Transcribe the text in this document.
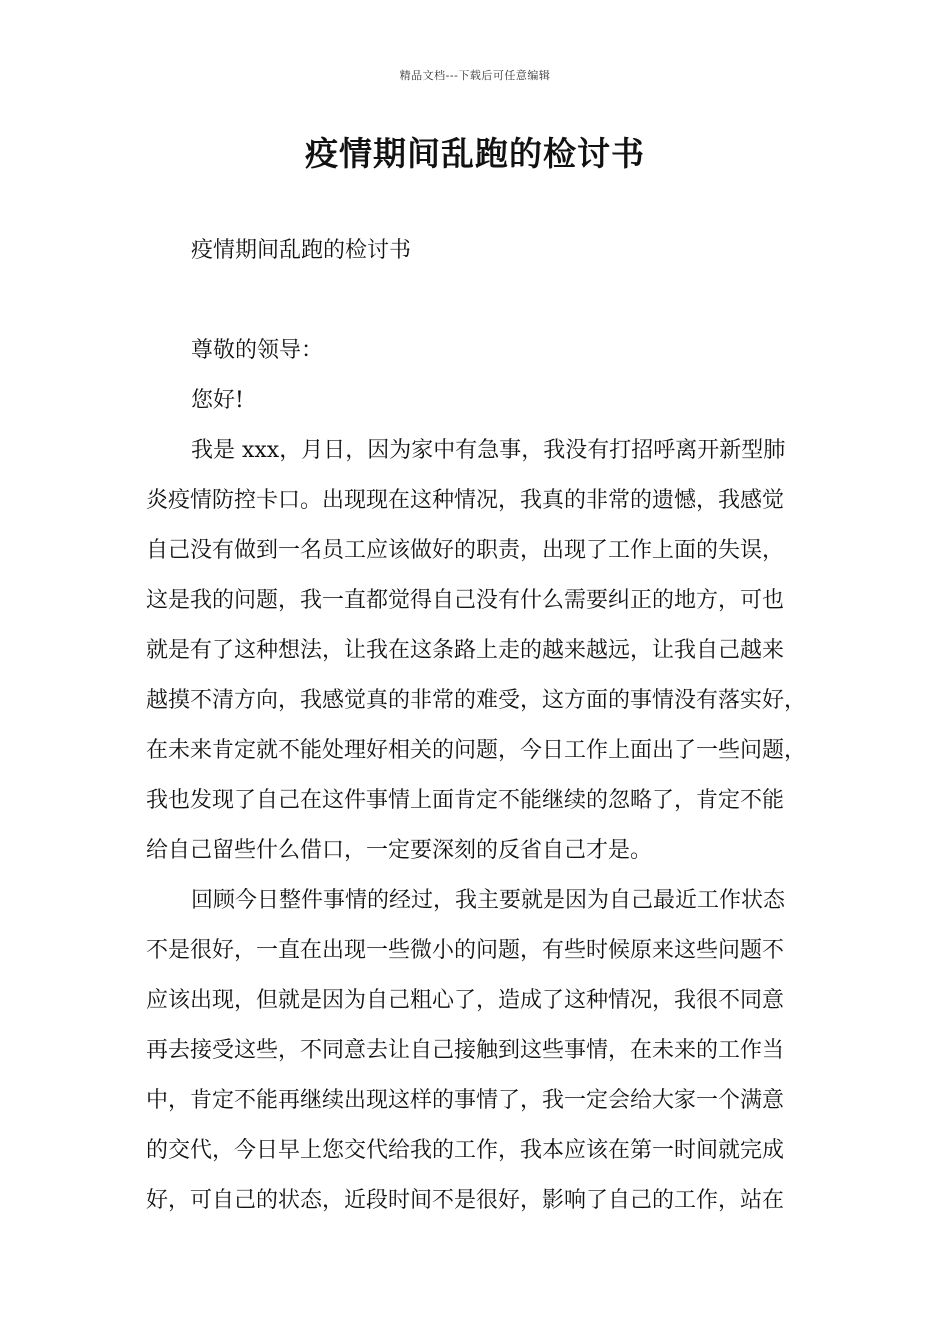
精品文档---下载后可任意编辑
疫情期间乱跑的检讨书
疫情期间乱跑的检讨书
尊敬的领导：
您好!
我是 xxx，月日，因为家中有急事，我没有打招呼离开新型肺
炎疫情防控卡口。出现现在这种情况，我真的非常的遗憾，我感觉
自己没有做到一名员工应该做好的职责，出现了工作上面的失误，
这是我的问题，我一直都觉得自己没有什么需要纠正的地方，可也
就是有了这种想法，让我在这条路上走的越来越远，让我自己越来
越摸不清方向，我感觉真的非常的难受，这方面的事情没有落实好，
在未来肯定就不能处理好相关的问题，今日工作上面出了一些问题，
我也发现了自己在这件事情上面肯定不能继续的忽略了，肯定不能
给自己留些什么借口，一定要深刻的反省自己才是。
回顾今日整件事情的经过，我主要就是因为自己最近工作状态
不是很好，一直在出现一些微小的问题，有些时候原来这些问题不
应该出现，但就是因为自己粗心了，造成了这种情况，我很不同意
再去接受这些，不同意去让自己接触到这些事情，在未来的工作当
中，肯定不能再继续出现这样的事情了，我一定会给大家一个满意
的交代，今日早上您交代给我的工作，我本应该在第一时间就完成
好，可自己的状态，近段时间不是很好，影响了自己的工作，站在
